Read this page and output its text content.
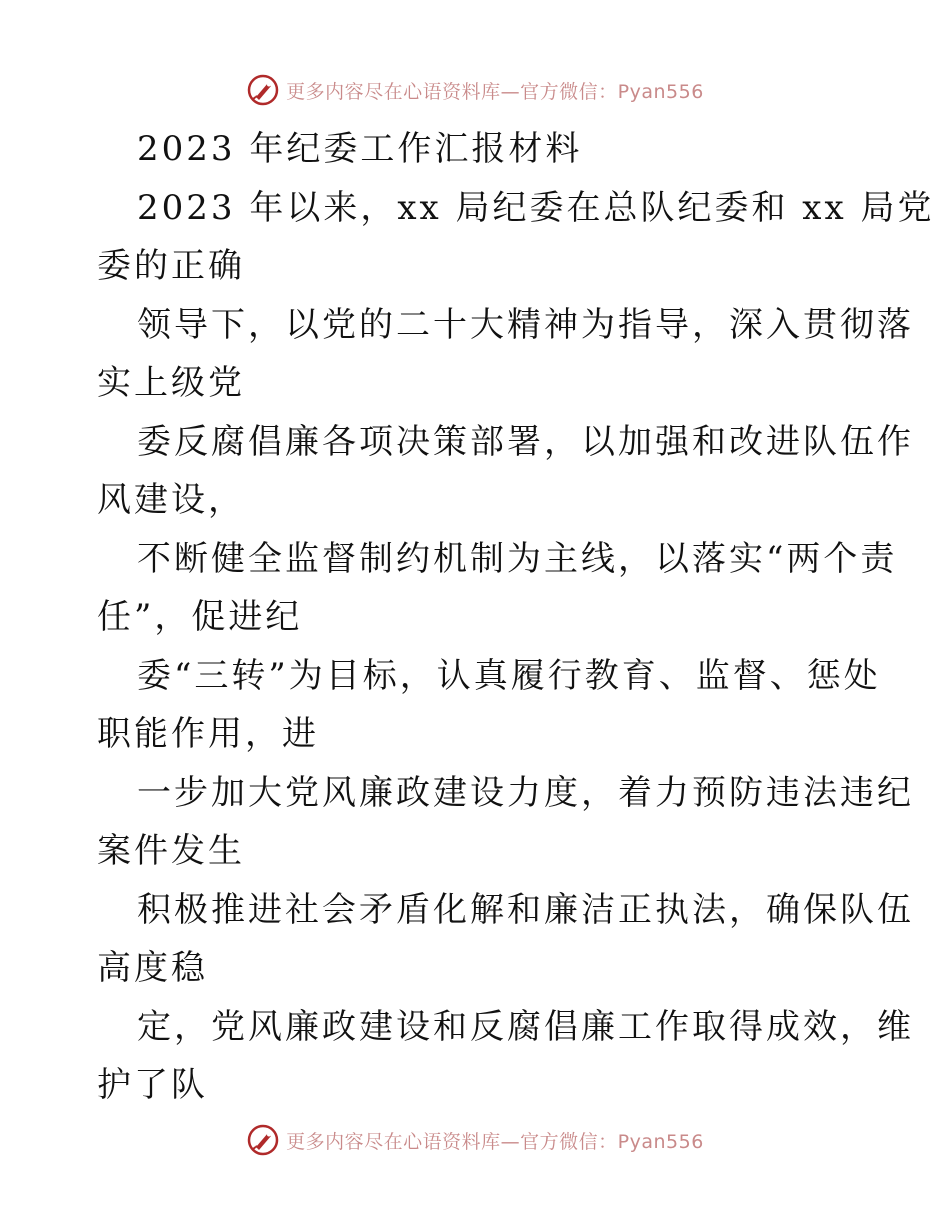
更多内容尽在心语资料库—官方微信：Pyan556
2023 年纪委工作汇报材料
2023 年以来，xx 局纪委在总队纪委和 xx 局党
委的正确
领导下，以党的二十大精神为指导，深入贯彻落
实上级党
委反腐倡廉各项决策部署，以加强和改进队伍作
风建设，
不断健全监督制约机制为主线，以落实“两个责
任”，促进纪
委“三转”为目标，认真履行教育、监督、惩处
职能作用，进
一步加大党风廉政建设力度，着力预防违法违纪
案件发生
积极推进社会矛盾化解和廉洁正执法，确保队伍
高度稳
定，党风廉政建设和反腐倡廉工作取得成效，维
护了队
更多内容尽在心语资料库—官方微信：Pyan556
